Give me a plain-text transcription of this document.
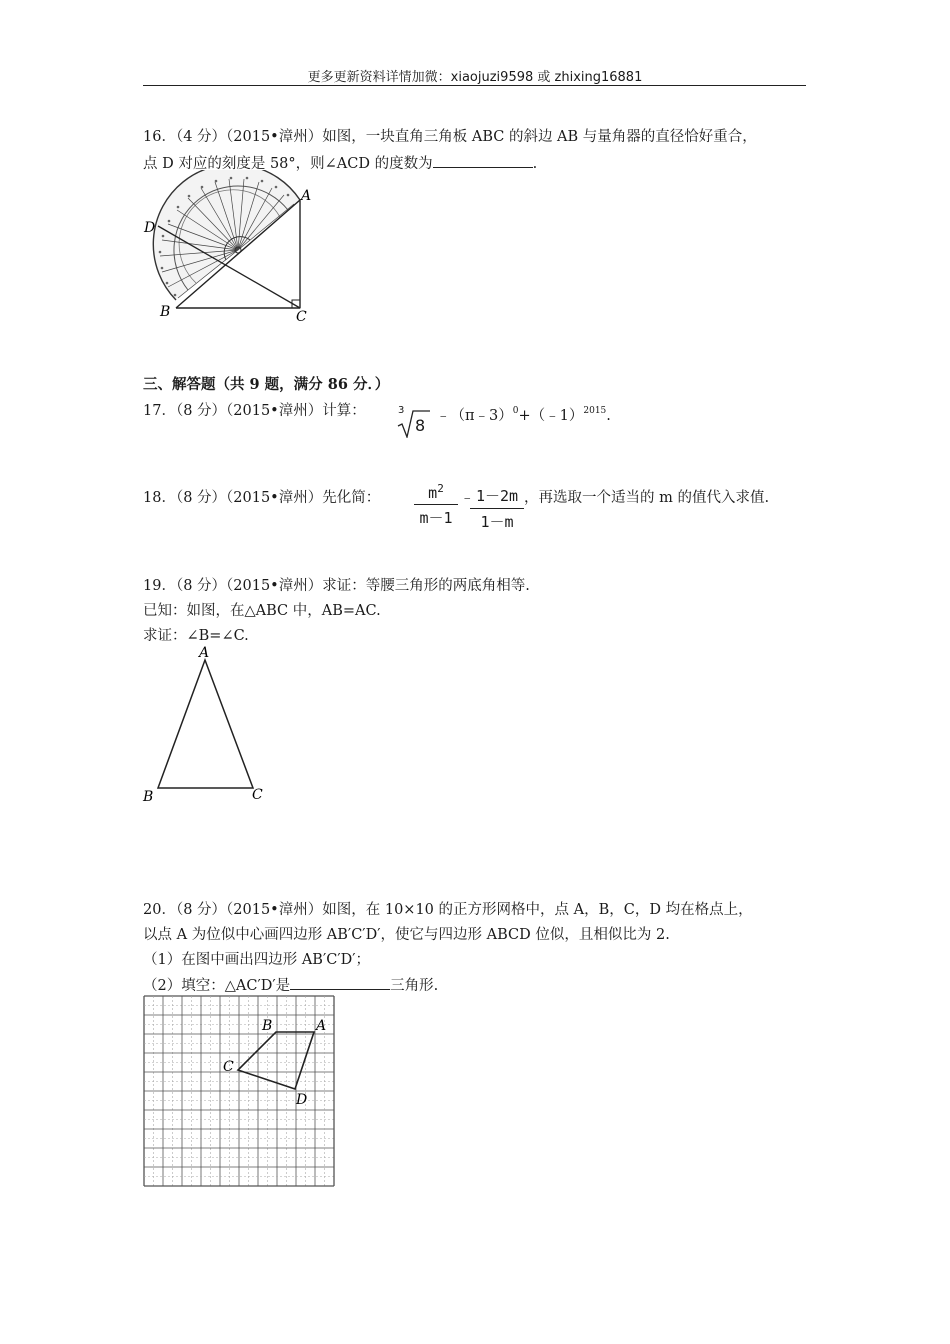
更多更新资料详情加微：xiaojuzi9598 或 zhixing16881
16．（4 分）（2015•漳州）如图，一块直角三角板 ABC 的斜边 AB 与量角器的直径恰好重合，
点 D 对应的刻度是 58°，则∠ACD 的度数为	.
A
D
B	C
三、解答题（共 9 题，满分 86 分．）
17．（8 分）（2015•漳州）计算：	3
8 ﹣（π﹣3）$^0$+（﹣1）$^{2015}$.
18．（8 分）（2015•漳州）先化简：	$m^2$
m－1
﹣ 1－2m
1－m
，再选取一个适当的 m 的值代入求值.
19．（8 分）（2015•漳州）求证：等腰三角形的两底角相等.
已知：如图，在△ABC 中，AB=AC.
求证：∠B=∠C.
A
B	C
20．（8 分）（2015•漳州）如图，在 10×10 的正方形网格中，点 A，B，C，D 均在格点上，
以点 A 为位似中心画四边形 AB′C′D′，使它与四边形 ABCD 位似，且相似比为 2.
（1）在图中画出四边形 AB′C′D′；
（2）填空：△AC′D′是	三角形.
B	A
C
D
